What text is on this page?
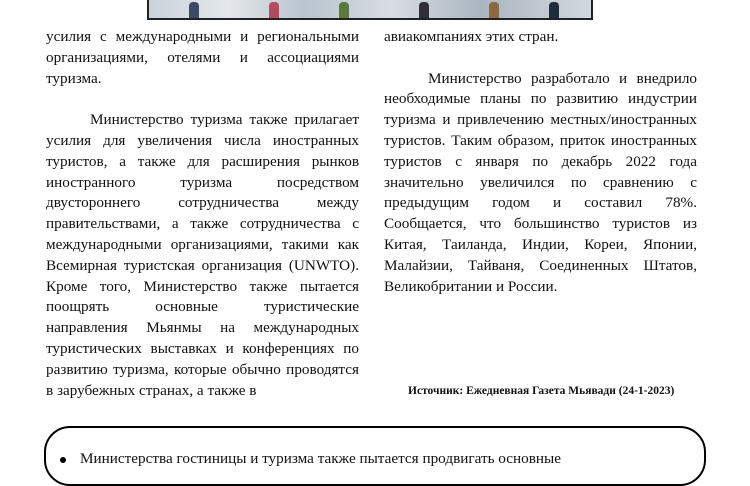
усилия с международными и региональными организациями, отелями и ассоциациями туризма.

Министерство туризма также прилагает усилия для увеличения числа иностранных туристов, а также для расширения рынков иностранного туризма посредством двустороннего сотрудничества между правительствами, а также сотрудничества с международными организациями, такими как Всемирная туристская организация (UNWTO). Кроме того, Министерство также пытается поощрять основные туристические направления Мьянмы на международных туристических выставках и конференциях по развитию туризма, которые обычно проводятся в зарубежных странах, а также в

авиакомпаниях этих стран.

Министерство разработало и внедрило необходимые планы по развитию индустрии туризма и привлечению местных/иностранных туристов. Таким образом, приток иностранных туристов с января по декабрь 2022 года значительно увеличился по сравнению с предыдущим годом и составил 78%. Сообщается, что большинство туристов из Китая, Таиланда, Индии, Кореи, Японии, Малайзии, Тайваня, Соединенных Штатов, Великобритании и России.

Источник: Ежедневная Газета Мьявади (24-1-2023)
Министерства гостиницы и туризма также пытается продвигать основные
